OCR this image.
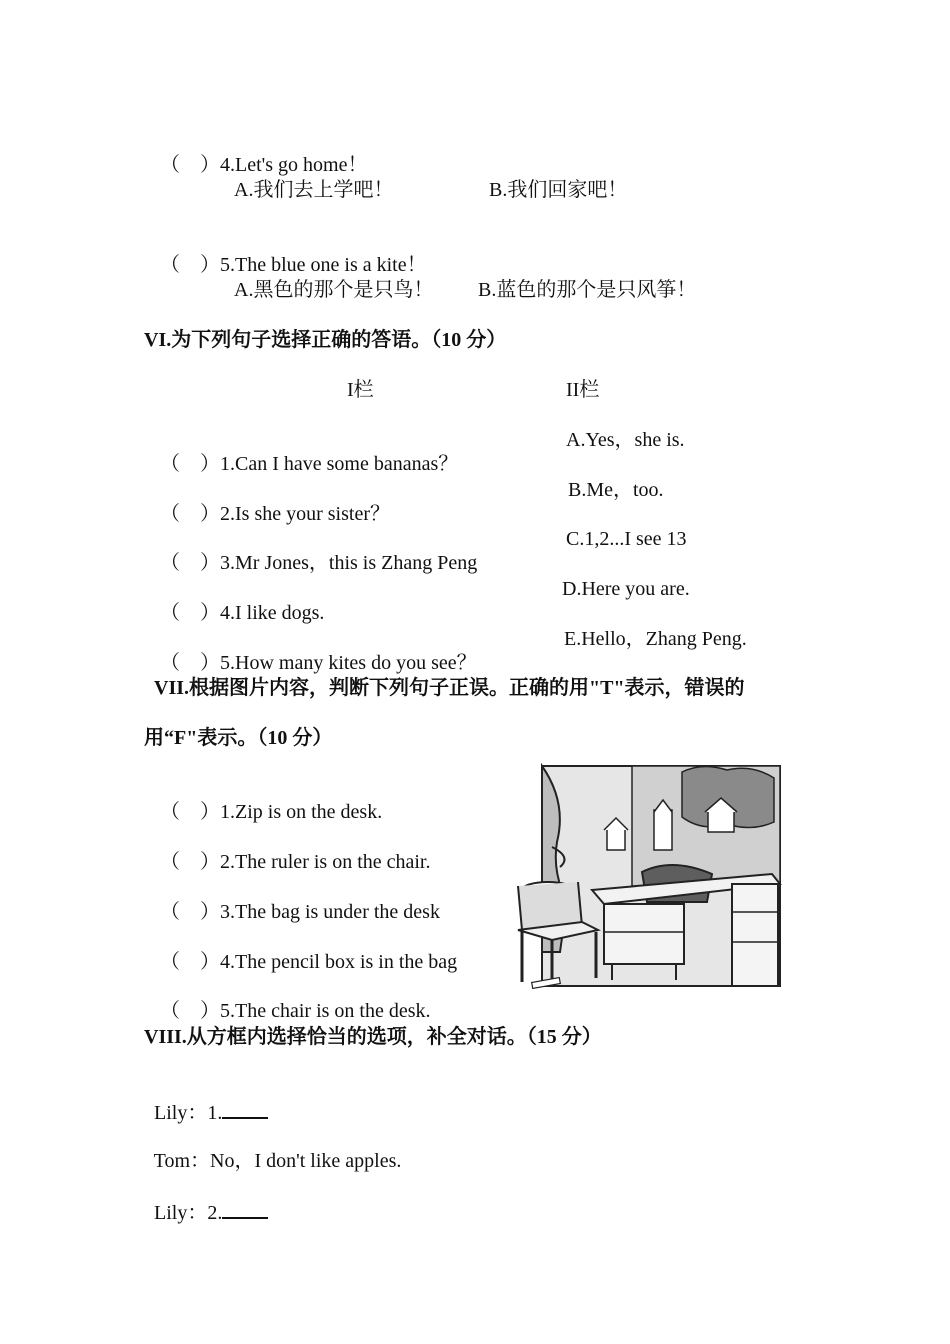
（    ）4.Let's go home！

A.我们去上学吧！	B.我们回家吧！

（    ）5.The blue one is a kite！

A.黑色的那个是只鸟！ B.蓝色的那个是只风筝！
VI.为下列句子选择正确的答语。（10 分）
I栏	II栏

（    ）1.Can I have some bananas？

A.Yes，she is.

（    ）2.Is she your sister？

B.Me，too.

（    ）3.Mr Jones，this is Zhang Peng

C.1,2...I see 13

（    ）4.I like dogs.

D.Here you are.

（    ）5.How many kites do you see？

E.Hello，Zhang Peng.
VII.根据图片内容，判断下列句子正误。正确的用"T"表示，错误的
用“F"表示。（10 分）

（    ）1.Zip is on the desk.

（    ）2.The ruler is on the chair.

（    ）3.The bag is under the desk

（    ）4.The pencil box is in the bag

（    ）5.The chair is on the desk.

VIII.从方框内选择恰当的选项，补全对话。（15 分）

Lily：1.

Tom：No，I don't like apples.

Lily：2.
